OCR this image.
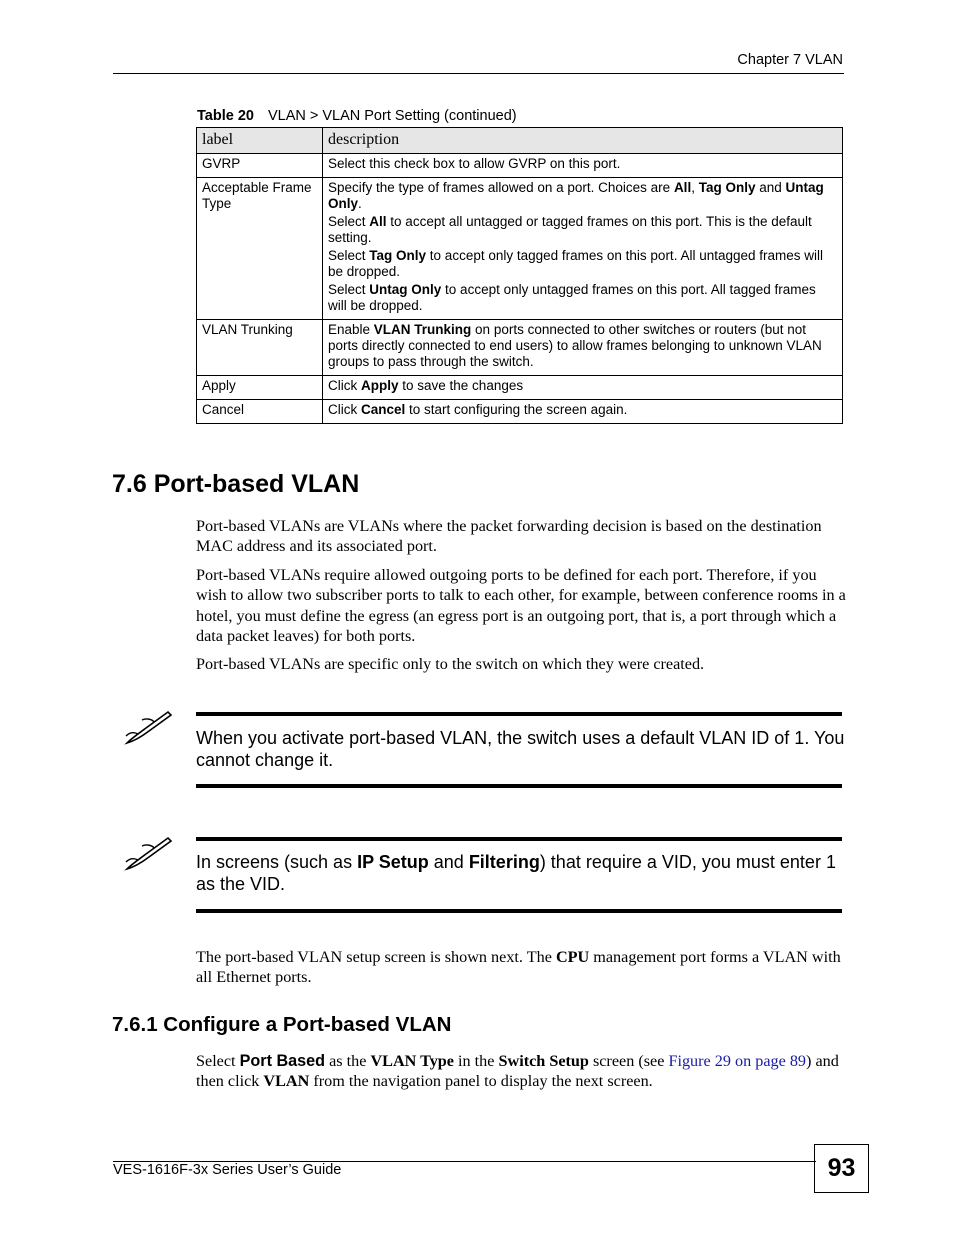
Chapter 7 VLAN
Table 20 VLAN > VLAN Port Setting (continued)
label	description
GVRP	Select this check box to allow GVRP on this port.

Acceptable Frame Type	Specify the type of frames allowed on a port. Choices are All, Tag Only and Untag Only.

Select All to accept all untagged or tagged frames on this port. This is the default setting.

Select Tag Only to accept only tagged frames on this port. All untagged frames will be dropped.

Select Untag Only to accept only untagged frames on this port. All tagged frames will be dropped.

VLAN Trunking	Enable VLAN Trunking on ports connected to other switches or routers (but not ports directly connected to end users) to allow frames belonging to unknown VLAN groups to pass through the switch.

Apply	Click Apply to save the changes

Cancel	Click Cancel to start configuring the screen again.

7.6 Port-based VLAN

Port-based VLANs are VLANs where the packet forwarding decision is based on the destination MAC address and its associated port.

Port-based VLANs require allowed outgoing ports to be defined for each port. Therefore, if you wish to allow two subscriber ports to talk to each other, for example, between conference rooms in a hotel, you must define the egress (an egress port is an outgoing port, that is, a port through which a data packet leaves) for both ports.

Port-based VLANs are specific only to the switch on which they were created.

When you activate port-based VLAN, the switch uses a default VLAN ID of 1. You cannot change it.

In screens (such as IP Setup and Filtering) that require a VID, you must enter 1 as the VID.

The port-based VLAN setup screen is shown next. The CPU management port forms a VLAN with all Ethernet ports.

7.6.1 Configure a Port-based VLAN

Select Port Based as the VLAN Type in the Switch Setup screen (see Figure 29 on page 89) and then click VLAN from the navigation panel to display the next screen.

VES-1616F-3x Series User’s Guide	93
